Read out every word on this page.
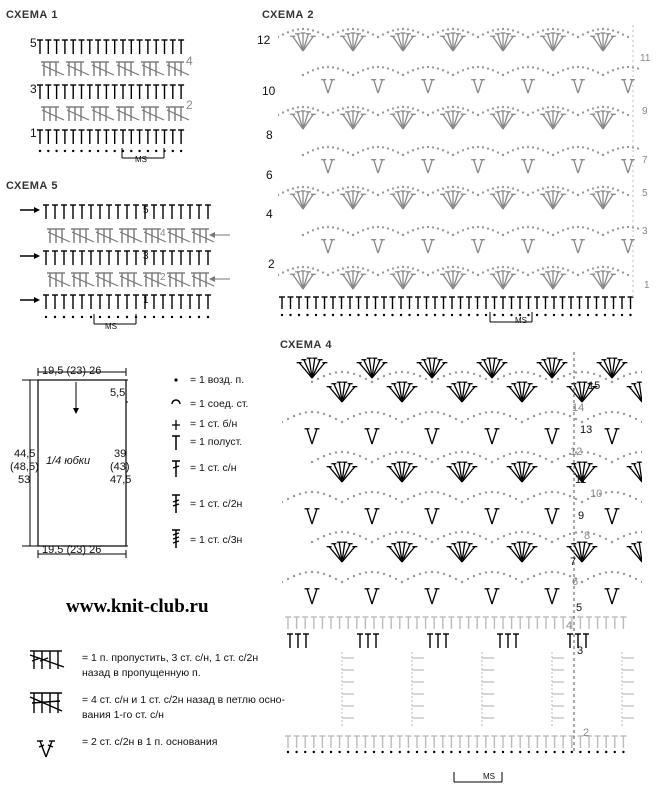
СХЕМА 1
5
3
1
4
2
MS
СХЕМА 5
5
3
1
4
2
MS
СХЕМА 2
12
10
8
6
4
2
11
9
7
5
3
1
MS
19,5 (23) 26
19,5 (23) 26
5,5
44,5
(48,5)
53
39
(43)
47,5
1/4 юбки
= 1 возд. п.
= 1 соед. ст.
= 1 ст. б/н
= 1 полуст.
= 1 ст. с/н
= 1 ст. с/2н
= 1 ст. с/3н
www.knit-club.ru
= 1 п. пропустить, 3 ст. с/н, 1 ст. с/2н
назад в пропущенную п.
= 4 ст. с/н и 1 ст. с/2н назад в петлю осно-
вания 1-го ст. с/н
= 2 ст. с/2н в 1 п. основания
СХЕМА 4
15
13
11
9
7
5
3
14
12
10
8
6
4
2
MS
